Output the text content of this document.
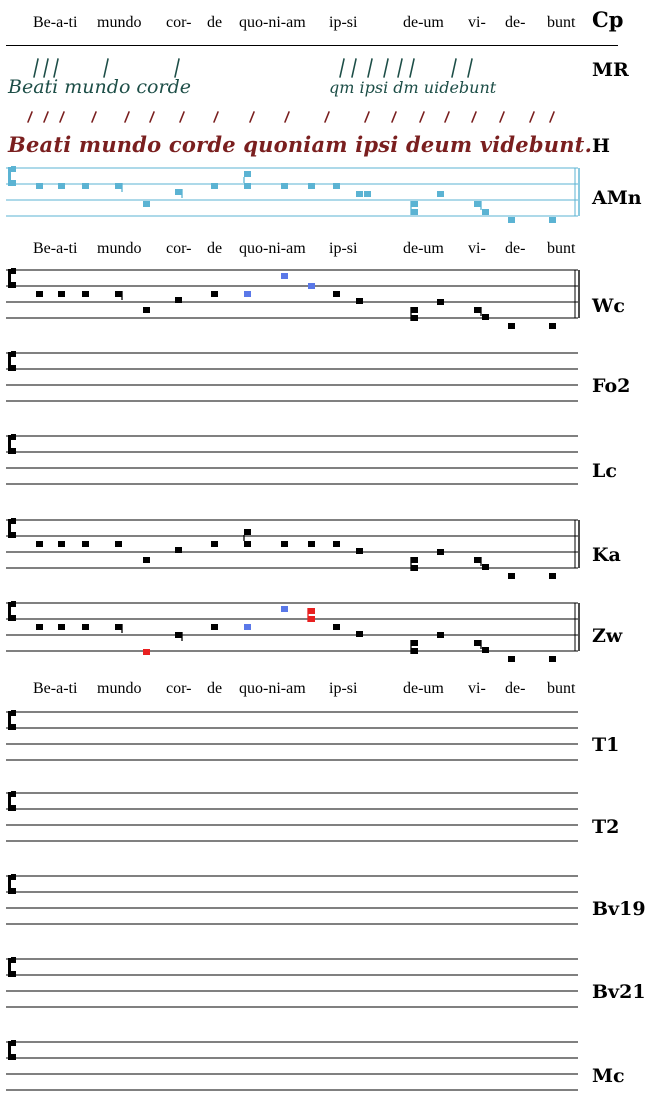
Be-a-ti mundo cor- de quo-ni-am ip-si	de-um vi- de- bunt Cp
Beati mundo corde	qm ipsi dm uidebunt
MR
Beati mundo corde quoniam ipsi deum videbunt. H
AMn
Be-a-ti mundo cor- de quo-ni-am ip-si	de-um vi- de- bunt
Wc
Fo2
Lc
Ka
Zw
Be-a-ti mundo cor- de quo-ni-am ip-si	de-um vi- de- bunt
T1
T2
Bv19
Bv21
Mc
